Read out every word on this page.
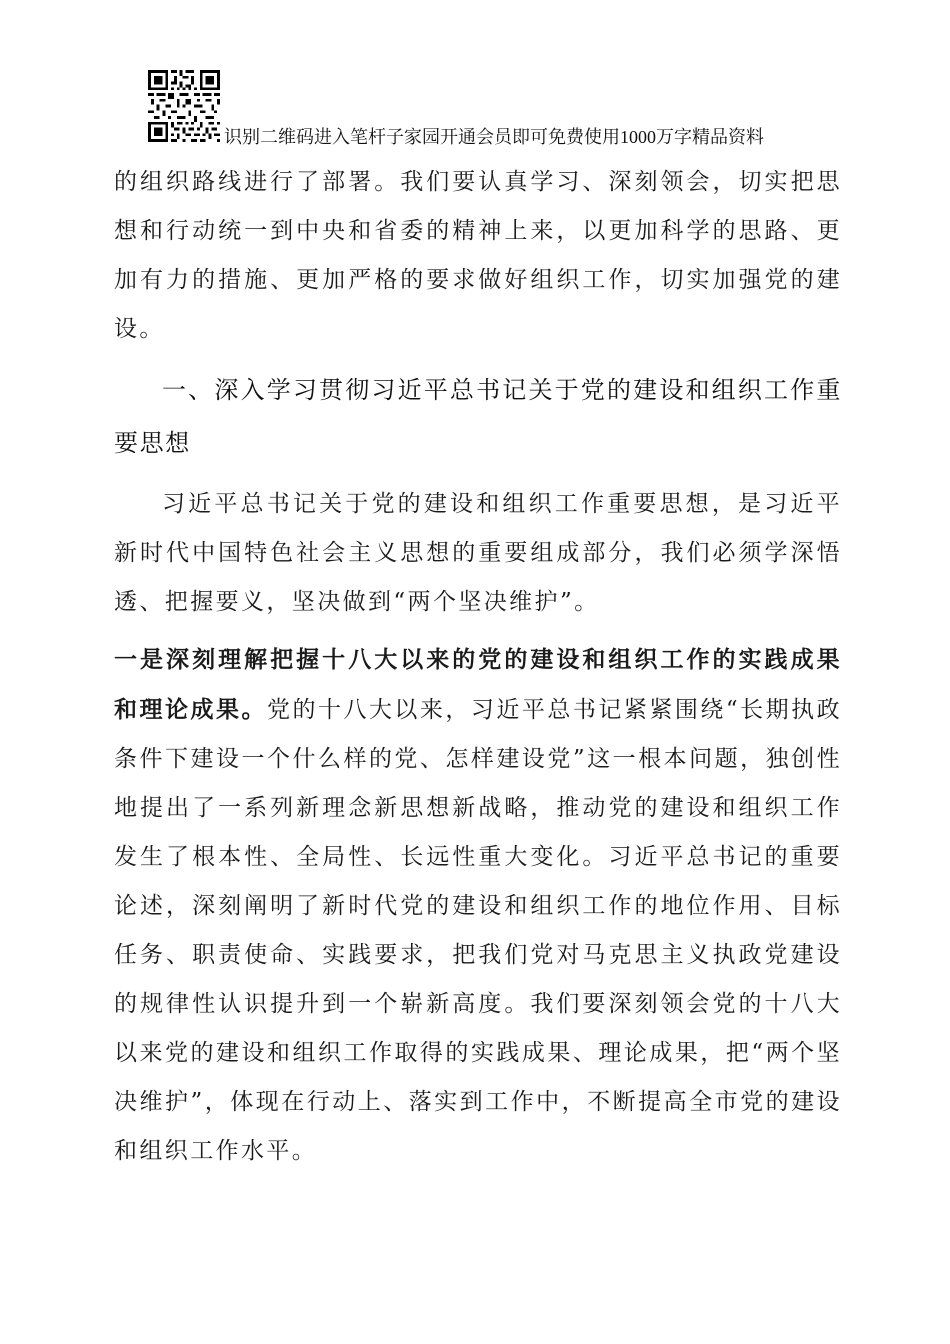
识别二维码进入笔杆子家园开通会员即可免费使用1000万字精品资料

的组织路线进行了部署。我们要认真学习、深刻领会，切实把思想和行动统一到中央和省委的精神上来，以更加科学的思路、更加有力的措施、更加严格的要求做好组织工作，切实加强党的建设。

一、深入学习贯彻习近平总书记关于党的建设和组织工作重要思想

习近平总书记关于党的建设和组织工作重要思想，是习近平新时代中国特色社会主义思想的重要组成部分，我们必须学深悟透、把握要义，坚决做到“两个坚决维护”。

一是深刻理解把握十八大以来的党的建设和组织工作的实践成果和理论成果。党的十八大以来，习近平总书记紧紧围绕“长期执政条件下建设一个什么样的党、怎样建设党”这一根本问题，独创性地提出了一系列新理念新思想新战略，推动党的建设和组织工作发生了根本性、全局性、长远性重大变化。习近平总书记的重要论述，深刻阐明了新时代党的建设和组织工作的地位作用、目标任务、职责使命、实践要求，把我们党对马克思主义执政党建设的规律性认识提升到一个崭新高度。我们要深刻领会党的十八大以来党的建设和组织工作取得的实践成果、理论成果，把“两个坚决维护”，体现在行动上、落实到工作中，不断提高全市党的建设和组织工作水平。
